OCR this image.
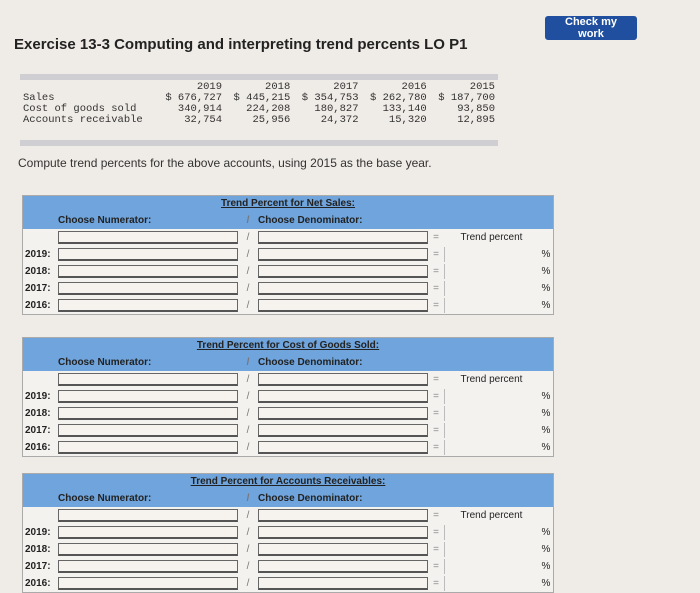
Check my work
Exercise 13-3 Computing and interpreting trend percents LO P1
	2019	2018	2017	2016	2015
Sales	$ 676,727	$ 445,215	$ 354,753	$ 262,780	$ 187,700
Cost of goods sold	340,914	224,208	180,827	133,140	93,850
Accounts receivable	32,754	25,956	24,372	15,320	12,895
Compute trend percents for the above accounts, using 2015 as the base year.
Trend Percent for Net Sales:
Choose Numerator:	/ Choose Denominator:
/	=	Trend percent
2019:	/	=	%
2018:	/	=	%
2017:	/	=	%
2016:	/	=	%
Trend Percent for Cost of Goods Sold:
Choose Numerator:	/ Choose Denominator:
/	=	Trend percent
2019:	/	=	%
2018:	/	=	%
2017:	/	=	%
2016:	/	=	%
Trend Percent for Accounts Receivables:
Choose Numerator:	/ Choose Denominator:
/	=	Trend percent
2019:	/	=	%
2018:	/	=	%
2017:	/	=	%
2016:	/	=	%
